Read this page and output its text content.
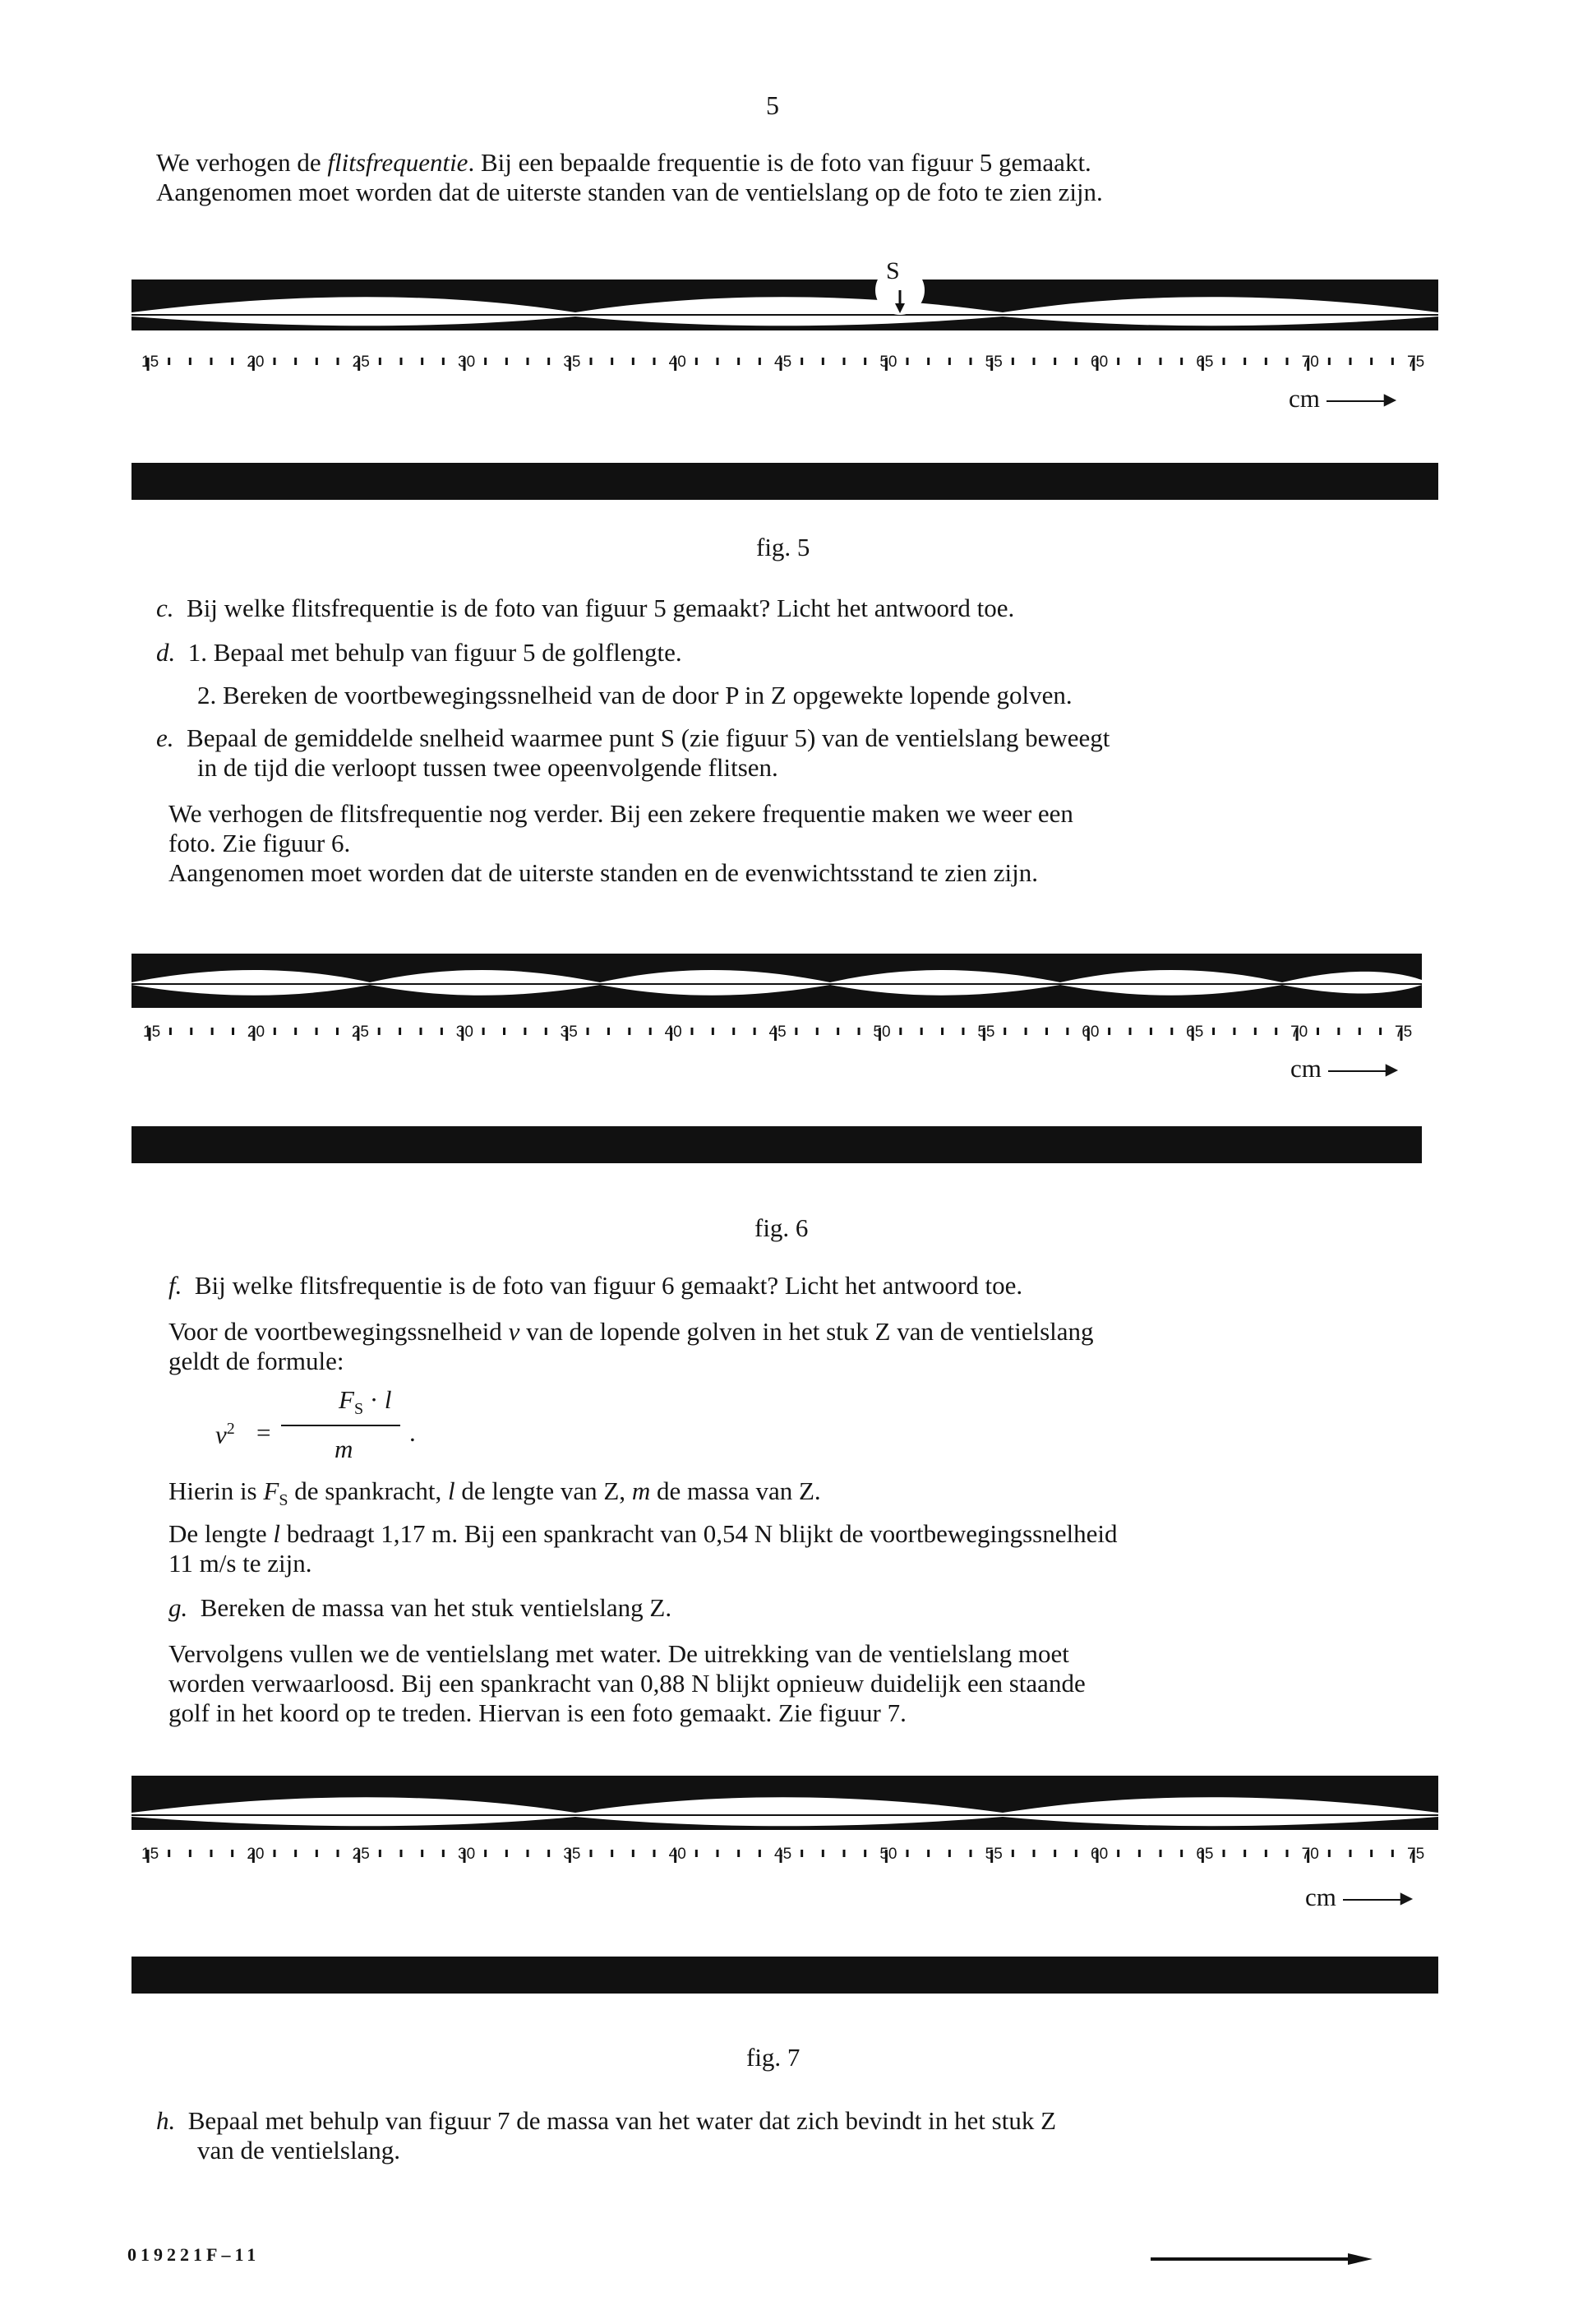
5
We verhogen de flitsfrequentie. Bij een bepaalde frequentie is de foto van figuur 5 gemaakt.
Aangenomen moet worden dat de uiterste standen van de ventielslang op de foto te zien zijn.
S
cm	▸
15	20	25	30	35	40	45	50	55	60	65	70	75
fig. 5
c. Bij welke flitsfrequentie is de foto van figuur 5 gemaakt? Licht het antwoord toe.
d. 1. Bepaal met behulp van figuur 5 de golflengte.
2. Bereken de voortbewegingssnelheid van de door P in Z opgewekte lopende golven.
e. Bepaal de gemiddelde snelheid waarmee punt S (zie figuur 5) van de ventielslang beweegt
in de tijd die verloopt tussen twee opeenvolgende flitsen.
We verhogen de flitsfrequentie nog verder. Bij een zekere frequentie maken we weer een
foto. Zie figuur 6.
Aangenomen moet worden dat de uiterste standen en de evenwichtsstand te zien zijn.
cm	▸
15	20	25	30	35	40	45	50	55	60	65	70	75
fig. 6
f. Bij welke flitsfrequentie is de foto van figuur 6 gemaakt? Licht het antwoord toe.
Voor de voortbewegingssnelheid v van de lopende golven in het stuk Z van de ventielslang
geldt de formule:
$v^2$ =
$F_S \cdot l$
m
.
Hierin is $F_S$ de spankracht, l de lengte van Z, m de massa van Z.
De lengte l bedraagt 1,17 m. Bij een spankracht van 0,54 N blijkt de voortbewegingssnelheid
11 m/s te zijn.
g. Bereken de massa van het stuk ventielslang Z.
Vervolgens vullen we de ventielslang met water. De uitrekking van de ventielslang moet
worden verwaarloosd. Bij een spankracht van 0,88 N blijkt opnieuw duidelijk een staande
golf in het koord op te treden. Hiervan is een foto gemaakt. Zie figuur 7.
cm	▸
15	20	25	30	35	40	45	50	55	60	65	70	75
fig. 7
h. Bepaal met behulp van figuur 7 de massa van het water dat zich bevindt in het stuk Z
van de ventielslang.
019221F–11
